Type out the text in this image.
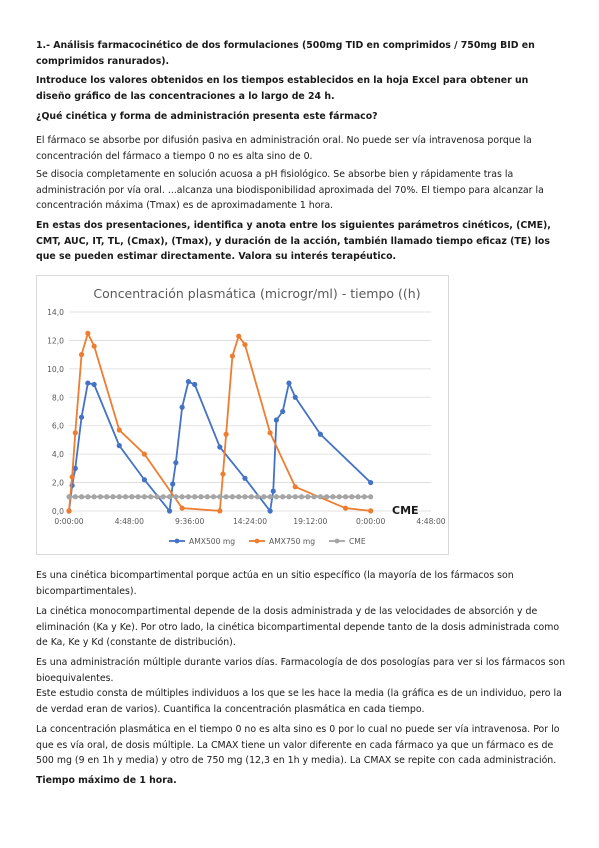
1.- Análisis farmacocinético de dos formulaciones (500mg TID en comprimidos / 750mg BID en comprimidos ranurados).

Introduce los valores obtenidos en los tiempos establecidos en la hoja Excel para obtener un diseño gráfico de las concentraciones a lo largo de 24 h.

¿Qué cinética y forma de administración presenta este fármaco?

El fármaco se absorbe por difusión pasiva en administración oral. No puede ser vía intravenosa porque la concentración del fármaco a tiempo 0 no es alta sino de 0.

Se disocia completamente en solución acuosa a pH fisiológico. Se absorbe bien y rápidamente tras la administración por vía oral. ...alcanza una biodisponibilidad aproximada del 70%. El tiempo para alcanzar la concentración máxima (Tmax) es de aproximadamente 1 hora.

En estas dos presentaciones, identifica y anota entre los siguientes parámetros cinéticos, (CME), CMT, AUC, IT, TL, (Cmax), (Tmax), y duración de la acción, también llamado tiempo eficaz (TE) los que se pueden estimar directamente. Valora su interés terapéutico.

Concentración plasmática (microgr/ml) - tiempo ((h)
0,0
2,0
4,0
6,0
8,0
10,0
12,0
14,0
0:00:00	4:48:00	9:36:00	14:24:00	19:12:00	0:00:00	4:48:00
CME
AMX500 mg	AMX750 mg	CME

Es una cinética bicompartimental porque actúa en un sitio específico (la mayoría de los fármacos son bicompartimentales).

La cinética monocompartimental depende de la dosis administrada y de las velocidades de absorción y de eliminación (Ka y Ke). Por otro lado, la cinética bicompartimental depende tanto de la dosis administrada como de Ka, Ke y Kd (constante de distribución).

Es una administración múltiple durante varios días. Farmacología de dos posologías para ver si los fármacos son bioequivalentes.

Este estudio consta de múltiples individuos a los que se les hace la media (la gráfica es de un individuo, pero la de verdad eran de varios). Cuantifica la concentración plasmática en cada tiempo.

La concentración plasmática en el tiempo 0 no es alta sino es 0 por lo cual no puede ser vía intravenosa. Por lo que es vía oral, de dosis múltiple. La CMAX tiene un valor diferente en cada fármaco ya que un fármaco es de 500 mg (9 en 1h y media) y otro de 750 mg (12,3 en 1h y media). La CMAX se repite con cada administración.

Tiempo máximo de 1 hora.
